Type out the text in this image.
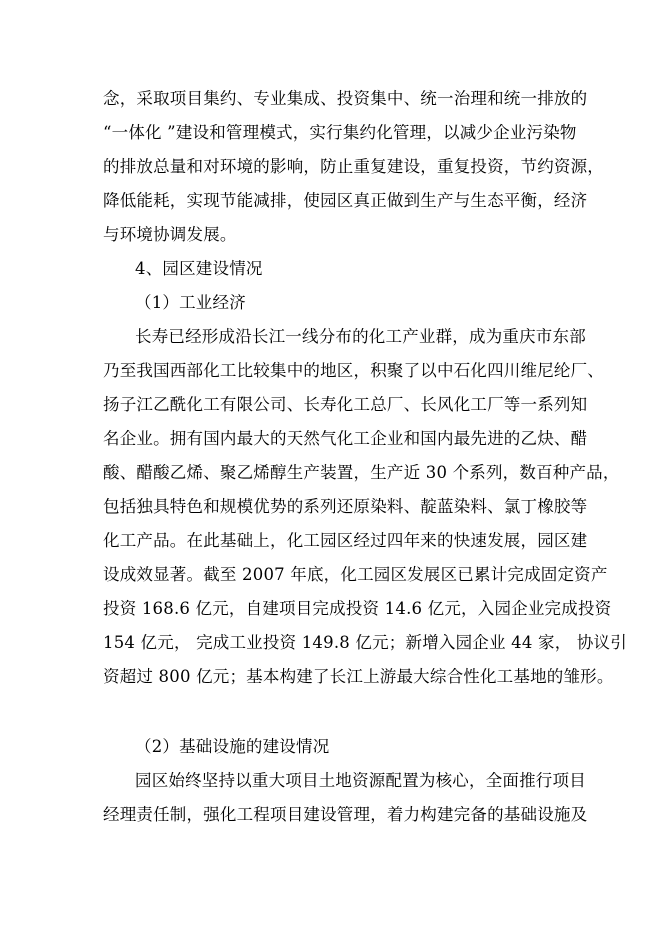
念，采取项目集约、专业集成、投资集中、统一治理和统一排放的
“一体化 ”建设和管理模式，实行集约化管理，以减少企业污染物
的排放总量和对环境的影响，防止重复建设，重复投资，节约资源，
降低能耗，实现节能减排，使园区真正做到生产与生态平衡，经济
与环境协调发展。
4、园区建设情况
（1）工业经济
长寿已经形成沿长江一线分布的化工产业群，成为重庆市东部
乃至我国西部化工比较集中的地区，积聚了以中石化四川维尼纶厂、
扬子江乙酰化工有限公司、长寿化工总厂、长风化工厂等一系列知
名企业。拥有国内最大的天然气化工企业和国内最先进的乙炔、醋
酸、醋酸乙烯、聚乙烯醇生产装置，生产近 30 个系列，数百种产品，
包括独具特色和规模优势的系列还原染料、靛蓝染料、氯丁橡胶等
化工产品。在此基础上，化工园区经过四年来的快速发展，园区建
设成效显著。截至 2007 年底，化工园区发展区已累计完成固定资产
投资 168.6 亿元，自建项目完成投资 14.6 亿元，入园企业完成投资
154 亿元， 完成工业投资 149.8 亿元；新增入园企业 44 家， 协议引
资超过 800 亿元；基本构建了长江上游最大综合性化工基地的雏形。
（2）基础设施的建设情况
园区始终坚持以重大项目土地资源配置为核心，全面推行项目
经理责任制，强化工程项目建设管理，着力构建完备的基础设施及
